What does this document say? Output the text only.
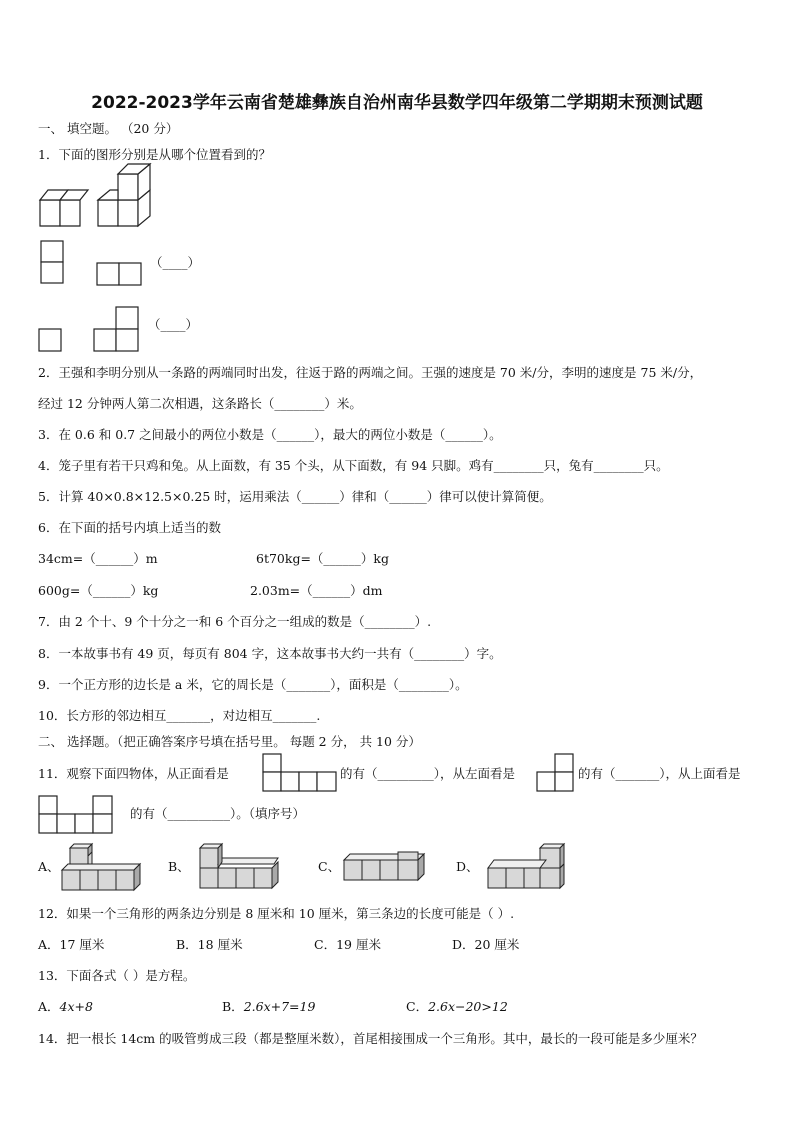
2022-2023学年云南省楚雄彝族自治州南华县数学四年级第二学期期末预测试题
一、 填空题。 （20 分）
1．下面的图形分别是从哪个位置看到的？
（____）
（____）
2．王强和李明分别从一条路的两端同时出发，往返于路的两端之间。王强的速度是 70 米/分，李明的速度是 75 米/分，
经过 12 分钟两人第二次相遇，这条路长（________）米。
3．在 0.6 和 0.7 之间最小的两位小数是（______），最大的两位小数是（______）。
4．笼子里有若干只鸡和兔。从上面数，有 35 个头，从下面数，有 94 只脚。鸡有________只，兔有________只。
5．计算 40×0.8×12.5×0.25 时，运用乘法（______）律和（______）律可以使计算简便。
6．在下面的括号内填上适当的数
34cm=（______）m	6t70kg=（______）kg
600g=（______）kg	2.03m=（______）dm
7．由 2 个十、9 个十分之一和 6 个百分之一组成的数是（________）.
8．一本故事书有 49 页，每页有 804 字，这本故事书大约一共有（________）字。
9．一个正方形的边长是 a 米，它的周长是（_______），面积是（________）。
10．长方形的邻边相互_______，对边相互_______.
二、 选择题。（把正确答案序号填在括号里。 每题 2 分， 共 10 分）
11．观察下面四物体，从正面看是	的有（_________），从左面看是	的有（_______），从上面看是
的有（__________）。（填序号）
A、	B、	C、	D、
12．如果一个三角形的两条边分别是 8 厘米和 10 厘米，第三条边的长度可能是（ ）.
A．17 厘米	B．18 厘米	C．19 厘米	D．20 厘米
13．下面各式（ ）是方程。
A．4x+8	B．2.6x+7=19	C．2.6x−20>12
14．把一根长 14cm 的吸管剪成三段（都是整厘米数），首尾相接围成一个三角形。其中，最长的一段可能是多少厘米？
